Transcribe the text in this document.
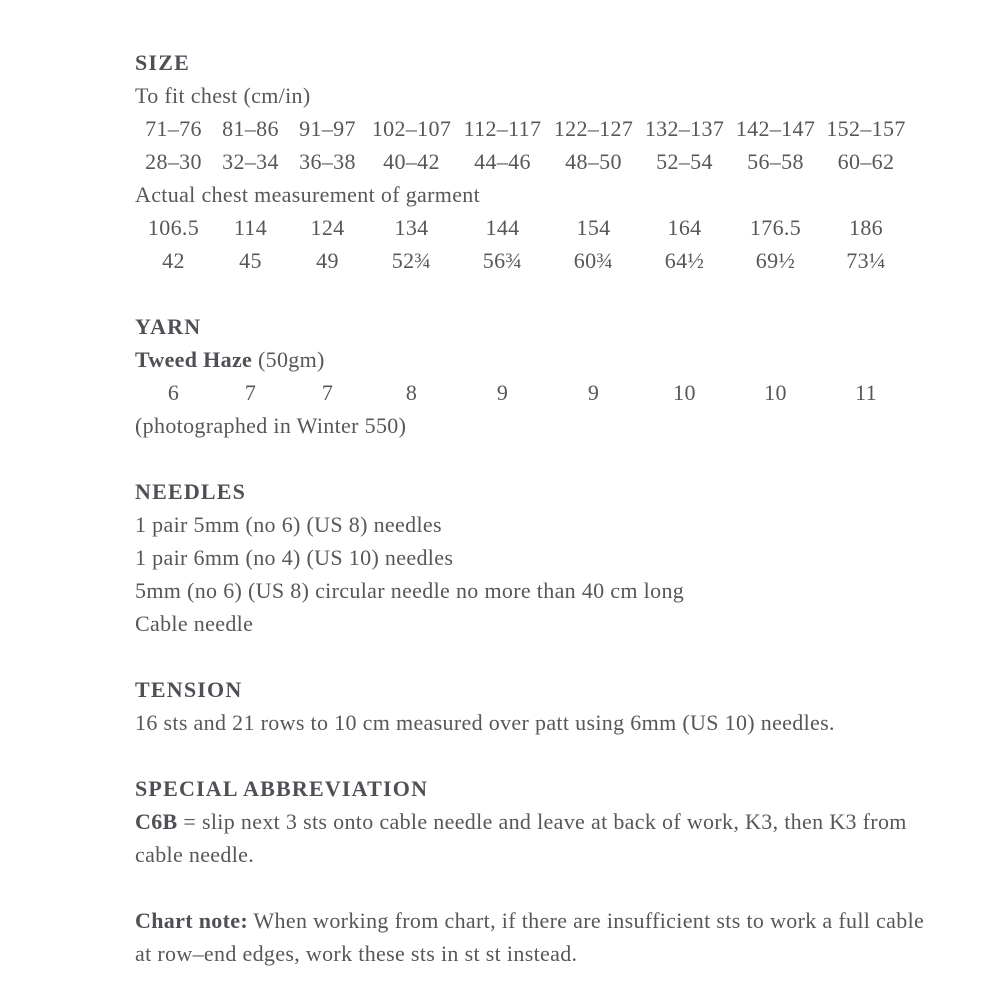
SIZE

To fit chest (cm/in)

71–76	81–86	91–97	102–107	112–117	122–127	132–137	142–147	152–157
28–30	32–34	36–38	40–42	44–46	48–50	52–54	56–58	60–62

Actual chest measurement of garment

106.5	114	124	134	144	154	164	176.5	186
42	45	49	52¾	56¾	60¾	64½	69½	73¼
YARN

Tweed Haze (50gm)

6	7	7	8	9	9	10	10	11

(photographed in Winter 550)

NEEDLES

1 pair 5mm (no 6) (US 8) needles

1 pair 6mm (no 4) (US 10) needles

5mm (no 6) (US 8) circular needle no more than 40 cm long

Cable needle

TENSION

16 sts and 21 rows to 10 cm measured over patt using 6mm (US 10) needles.

SPECIAL ABBREVIATION

C6B = slip next 3 sts onto cable needle and leave at back of work, K3, then K3 from cable needle.

Chart note: When working from chart, if there are insufficient sts to work a full cable at row–end edges, work these sts in st st instead.
